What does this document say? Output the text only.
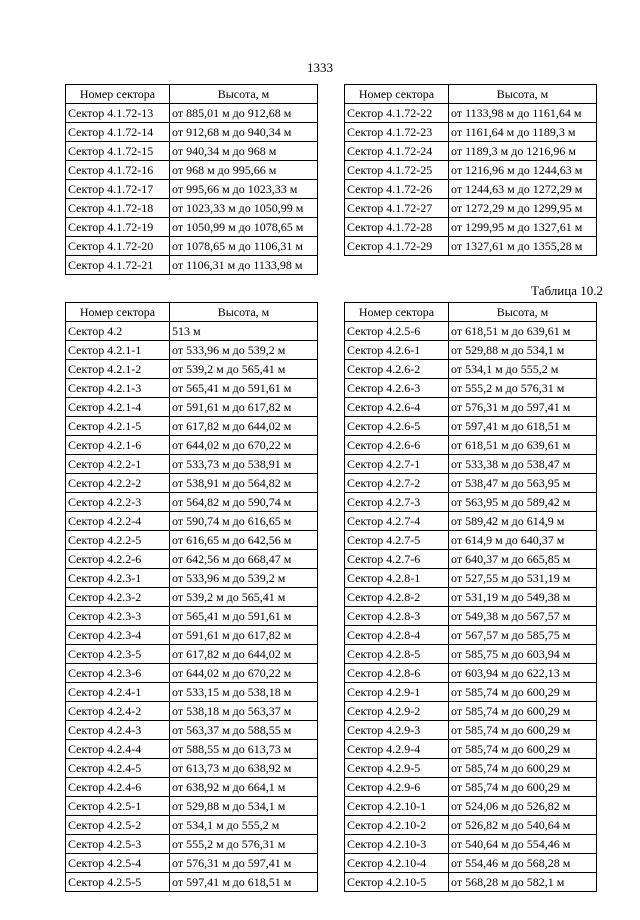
1333
Таблица 10.2
Номер сектора	Высота, м
Сектор 4.1.72-13	от 885,01 м до 912,68 м
Сектор 4.1.72-14	от 912,68 м до 940,34 м
Сектор 4.1.72-15	от 940,34 м до 968 м
Сектор 4.1.72-16	от 968 м до 995,66 м
Сектор 4.1.72-17	от 995,66 м до 1023,33 м
Сектор 4.1.72-18	от 1023,33 м до 1050,99 м
Сектор 4.1.72-19	от 1050,99 м до 1078,65 м
Сектор 4.1.72-20	от 1078,65 м до 1106,31 м
Сектор 4.1.72-21	от 1106,31 м до 1133,98 м
Номер сектора	Высота, м
Сектор 4.1.72-22	от 1133,98 м до 1161,64 м
Сектор 4.1.72-23	от 1161,64 м до 1189,3 м
Сектор 4.1.72-24	от 1189,3 м до 1216,96 м
Сектор 4.1.72-25	от 1216,96 м до 1244,63 м
Сектор 4.1.72-26	от 1244,63 м до 1272,29 м
Сектор 4.1.72-27	от 1272,29 м до 1299,95 м
Сектор 4.1.72-28	от 1299,95 м до 1327,61 м
Сектор 4.1.72-29	от 1327,61 м до 1355,28 м
Номер сектора	Высота, м
Сектор 4.2	513 м
Сектор 4.2.1-1	от 533,96 м до 539,2 м
Сектор 4.2.1-2	от 539,2 м до 565,41 м
Сектор 4.2.1-3	от 565,41 м до 591,61 м
Сектор 4.2.1-4	от 591,61 м до 617,82 м
Сектор 4.2.1-5	от 617,82 м до 644,02 м
Сектор 4.2.1-6	от 644,02 м до 670,22 м
Сектор 4.2.2-1	от 533,73 м до 538,91 м
Сектор 4.2.2-2	от 538,91 м до 564,82 м
Сектор 4.2.2-3	от 564,82 м до 590,74 м
Сектор 4.2.2-4	от 590,74 м до 616,65 м
Сектор 4.2.2-5	от 616,65 м до 642,56 м
Сектор 4.2.2-6	от 642,56 м до 668,47 м
Сектор 4.2.3-1	от 533,96 м до 539,2 м
Сектор 4.2.3-2	от 539,2 м до 565,41 м
Сектор 4.2.3-3	от 565,41 м до 591,61 м
Сектор 4.2.3-4	от 591,61 м до 617,82 м
Сектор 4.2.3-5	от 617,82 м до 644,02 м
Сектор 4.2.3-6	от 644,02 м до 670,22 м
Сектор 4.2.4-1	от 533,15 м до 538,18 м
Сектор 4.2.4-2	от 538,18 м до 563,37 м
Сектор 4.2.4-3	от 563,37 м до 588,55 м
Сектор 4.2.4-4	от 588,55 м до 613,73 м
Сектор 4.2.4-5	от 613,73 м до 638,92 м
Сектор 4.2.4-6	от 638,92 м до 664,1 м
Сектор 4.2.5-1	от 529,88 м до 534,1 м
Сектор 4.2.5-2	от 534,1 м до 555,2 м
Сектор 4.2.5-3	от 555,2 м до 576,31 м
Сектор 4.2.5-4	от 576,31 м до 597,41 м
Сектор 4.2.5-5	от 597,41 м до 618,51 м
Номер сектора	Высота, м
Сектор 4.2.5-6	от 618,51 м до 639,61 м
Сектор 4.2.6-1	от 529,88 м до 534,1 м
Сектор 4.2.6-2	от 534,1 м до 555,2 м
Сектор 4.2.6-3	от 555,2 м до 576,31 м
Сектор 4.2.6-4	от 576,31 м до 597,41 м
Сектор 4.2.6-5	от 597,41 м до 618,51 м
Сектор 4.2.6-6	от 618,51 м до 639,61 м
Сектор 4.2.7-1	от 533,38 м до 538,47 м
Сектор 4.2.7-2	от 538,47 м до 563,95 м
Сектор 4.2.7-3	от 563,95 м до 589,42 м
Сектор 4.2.7-4	от 589,42 м до 614,9 м
Сектор 4.2.7-5	от 614,9 м до 640,37 м
Сектор 4.2.7-6	от 640,37 м до 665,85 м
Сектор 4.2.8-1	от 527,55 м до 531,19 м
Сектор 4.2.8-2	от 531,19 м до 549,38 м
Сектор 4.2.8-3	от 549,38 м до 567,57 м
Сектор 4.2.8-4	от 567,57 м до 585,75 м
Сектор 4.2.8-5	от 585,75 м до 603,94 м
Сектор 4.2.8-6	от 603,94 м до 622,13 м
Сектор 4.2.9-1	от 585,74 м до 600,29 м
Сектор 4.2.9-2	от 585,74 м до 600,29 м
Сектор 4.2.9-3	от 585,74 м до 600,29 м
Сектор 4.2.9-4	от 585,74 м до 600,29 м
Сектор 4.2.9-5	от 585,74 м до 600,29 м
Сектор 4.2.9-6	от 585,74 м до 600,29 м
Сектор 4.2.10-1	от 524,06 м до 526,82 м
Сектор 4.2.10-2	от 526,82 м до 540,64 м
Сектор 4.2.10-3	от 540,64 м до 554,46 м
Сектор 4.2.10-4	от 554,46 м до 568,28 м
Сектор 4.2.10-5	от 568,28 м до 582,1 м
